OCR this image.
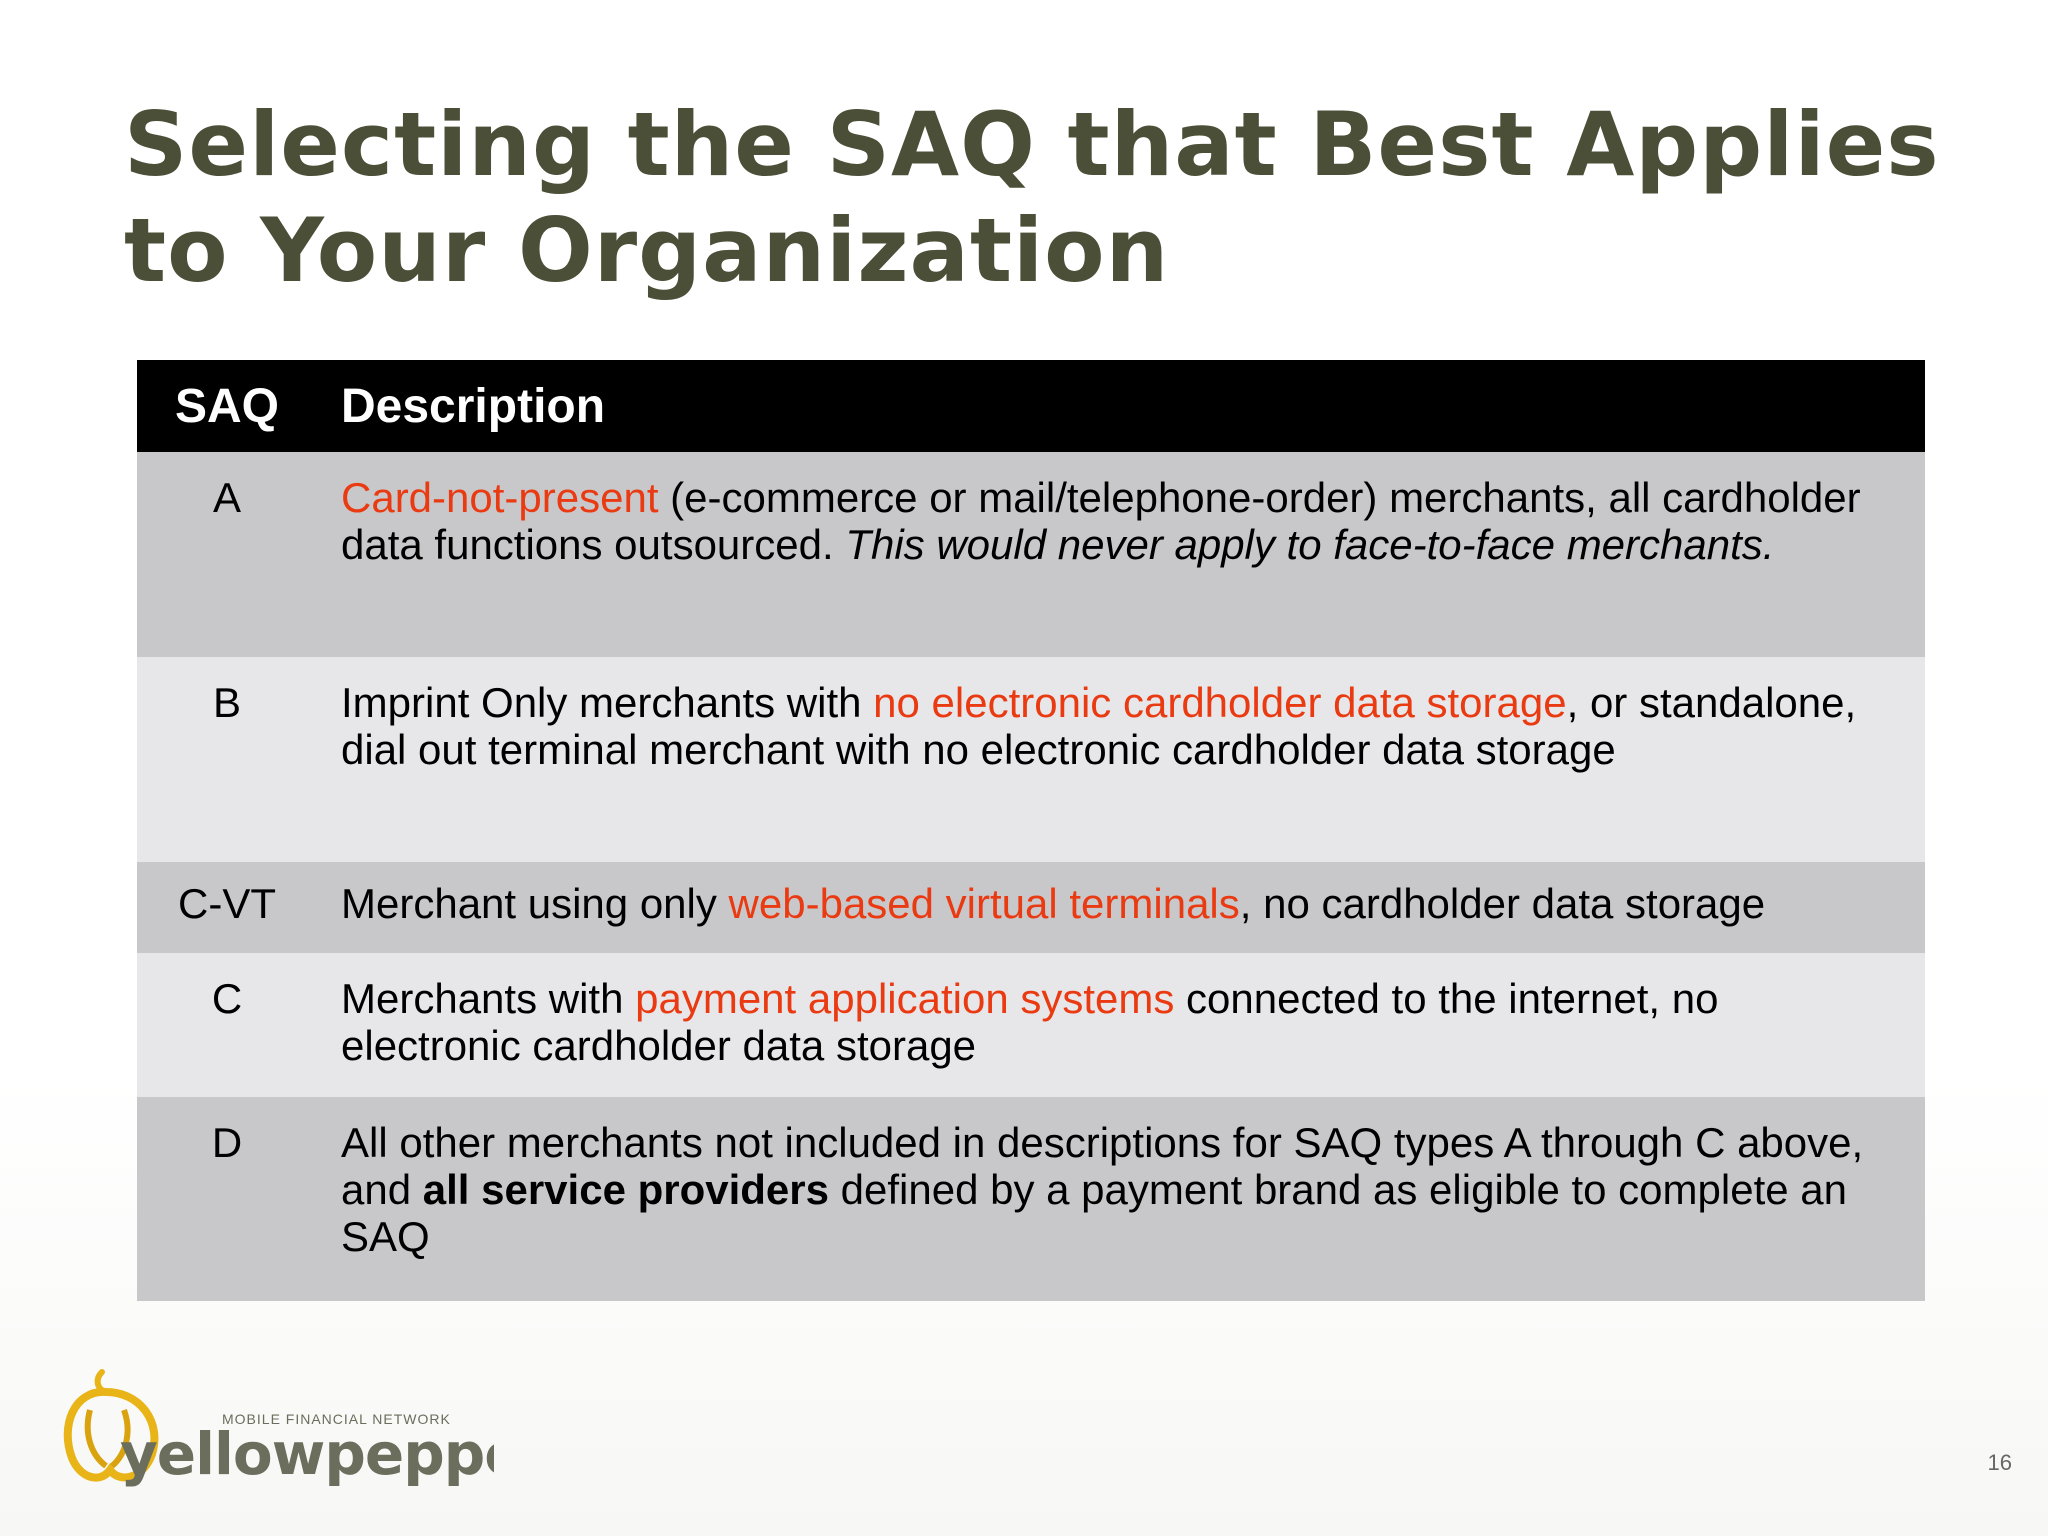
Selecting the SAQ that Best Applies
to Your Organization
SAQ	Description
A	Card-not-present (e-commerce or mail/telephone-order) merchants, all cardholder data functions outsourced. This would never apply to face-to-face merchants.
B	Imprint Only merchants with no electronic cardholder data storage, or standalone, dial out terminal merchant with no electronic cardholder data storage
C-VT	Merchant using only web-based virtual terminals, no cardholder data storage
C	Merchants with payment application systems connected to the internet, no electronic cardholder data storage
D	All other merchants not included in descriptions for SAQ types A through C above, and all service providers defined by a payment brand as eligible to complete an SAQ
MOBILE FINANCIAL NETWORK
yellowpepp	16
